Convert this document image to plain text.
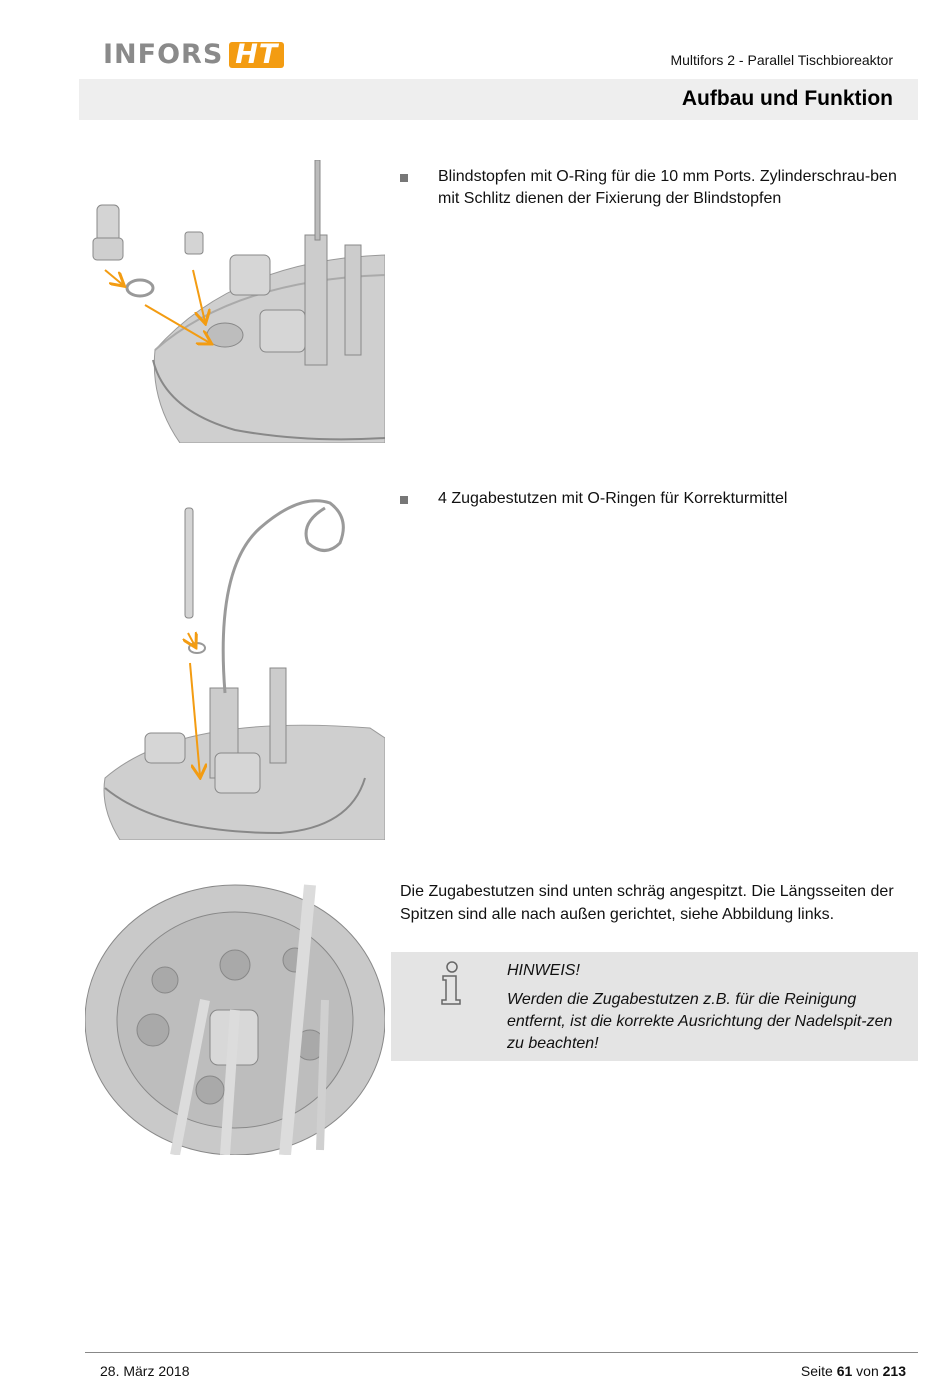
INFORS HT	Multifors 2 - Parallel Tischbioreaktor
Aufbau und Funktion
Blindstopfen mit O-Ring für die 10 mm Ports. Zylinderschrau-ben mit Schlitz dienen der Fixierung der Blindstopfen
4 Zugabestutzen mit O-Ringen für Korrekturmittel
Die Zugabestutzen sind unten schräg angespitzt. Die Längsseiten der Spitzen sind alle nach außen gerichtet, siehe Abbildung links.
HINWEIS!
Werden die Zugabestutzen z.B. für die Reinigung entfernt, ist die korrekte Ausrichtung der Nadelspit-zen zu beachten!
28. März 2018	Seite 61 von 213
